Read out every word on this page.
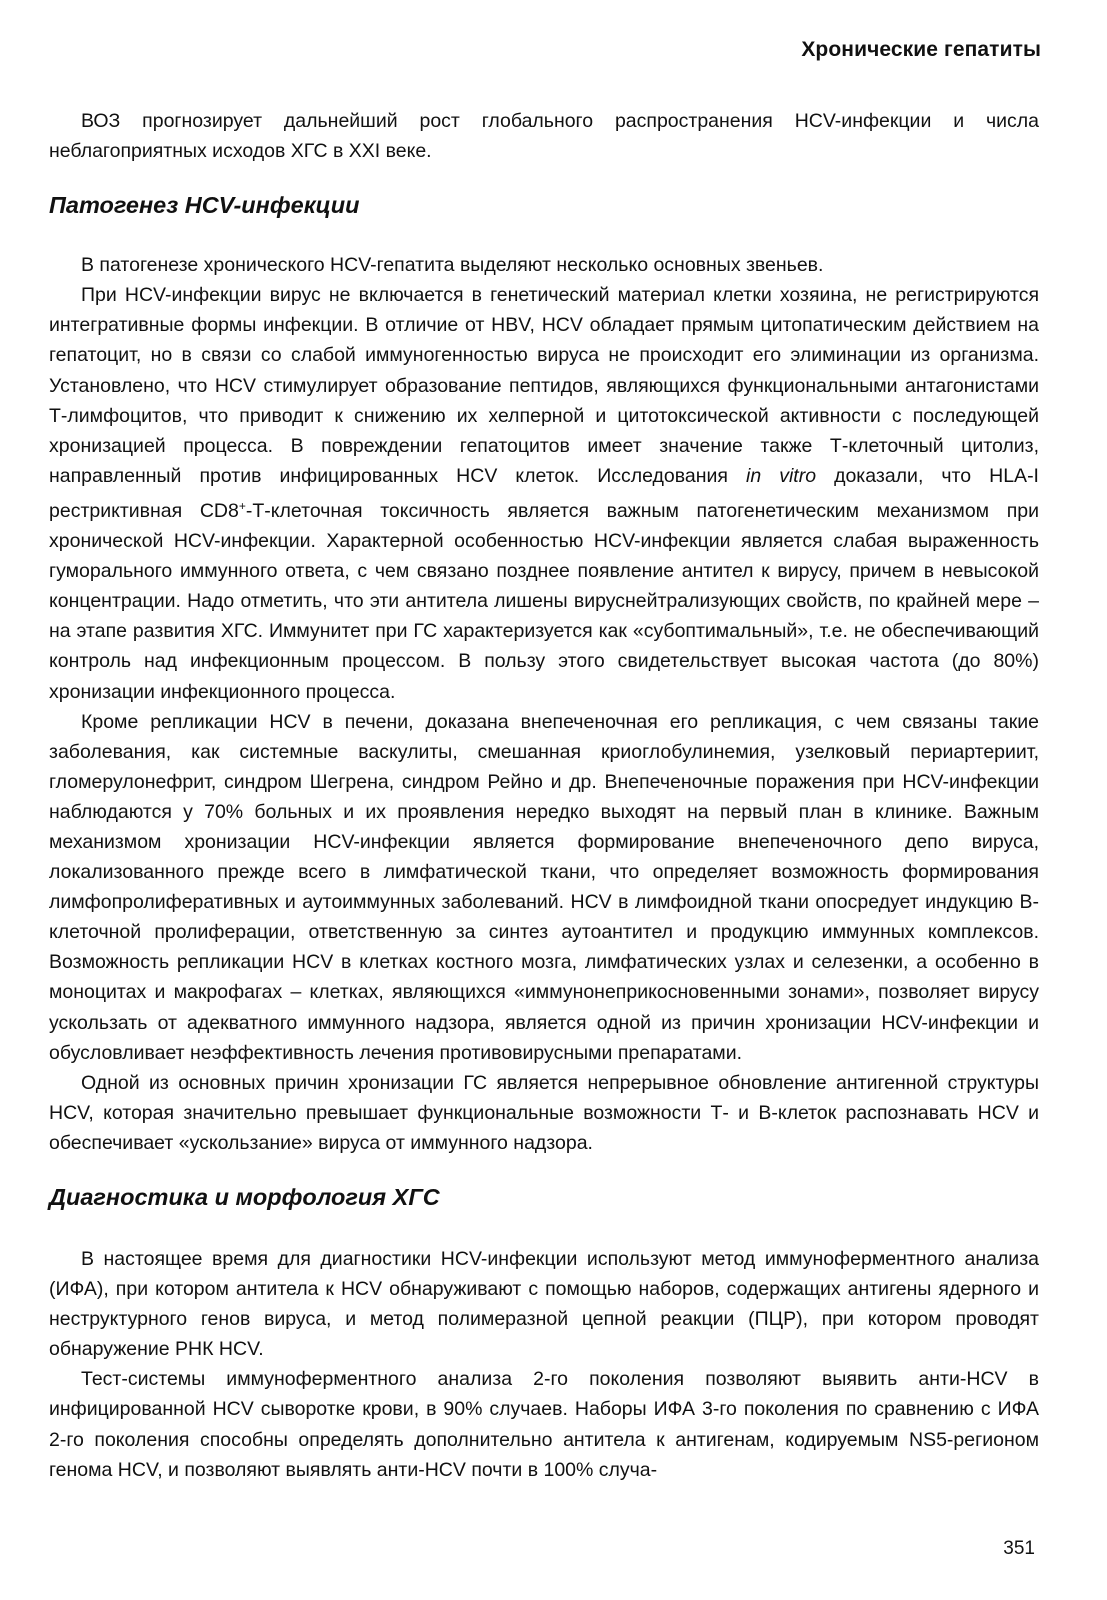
Хронические гепатиты

ВОЗ прогнозирует дальнейший рост глобального распространения HCV-инфекции и числа неблагоприятных исходов ХГС в XXI веке.

Патогенез HCV-инфекции

В патогенезе хронического HCV-гепатита выделяют несколько основных звеньев.

При HCV-инфекции вирус не включается в генетический материал клетки хозяина, не регистрируются интегративные формы инфекции. В отличие от HBV, HCV обладает прямым цитопатическим действием на гепатоцит, но в связи со слабой иммуногенностью вируса не происходит его элиминации из организма. Установлено, что HCV стимулирует образование пептидов, являющихся функциональными антагонистами Т-лимфоцитов, что приводит к снижению их хелперной и цитотоксической активности с последующей хронизацией процесса. В повреждении гепатоцитов имеет значение также Т-клеточный цитолиз, направленный против инфицированных HCV клеток. Исследования in vitro доказали, что HLA-I рестриктивная CD8+-Т-клеточная токсичность является важным патогенетическим механизмом при хронической HCV-инфекции. Характерной особенностью HCV-инфекции является слабая выраженность гуморального иммунного ответа, с чем связано позднее появление антител к вирусу, причем в невысокой концентрации. Надо отметить, что эти антитела лишены вируснейтрализующих свойств, по крайней мере – на этапе развития ХГС. Иммунитет при ГС характеризуется как «субоптимальный», т.е. не обеспечивающий контроль над инфекционным процессом. В пользу этого свидетельствует высокая частота (до 80%) хронизации инфекционного процесса.

Кроме репликации HCV в печени, доказана внепеченочная его репликация, с чем связаны такие заболевания, как системные васкулиты, смешанная криоглобулинемия, узелковый периартериит, гломерулонефрит, синдром Шегрена, синдром Рейно и др. Внепеченочные поражения при HCV-инфекции наблюдаются у 70% больных и их проявления нередко выходят на первый план в клинике. Важным механизмом хронизации HCV-инфекции является формирование внепеченочного депо вируса, локализованного прежде всего в лимфатической ткани, что определяет возможность формирования лимфопролиферативных и аутоиммунных заболеваний. HCV в лимфоидной ткани опосредует индукцию В-клеточной пролиферации, ответственную за синтез аутоантител и продукцию иммунных комплексов. Возможность репликации HCV в клетках костного мозга, лимфатических узлах и селезенки, а особенно в моноцитах и макрофагах – клетках, являющихся «иммунонеприкосновенными зонами», позволяет вирусу ускользать от адекватного иммунного надзора, является одной из причин хронизации HCV-инфекции и обусловливает неэффективность лечения противовирусными препаратами.

Одной из основных причин хронизации ГС является непрерывное обновление антигенной структуры HCV, которая значительно превышает функциональные возможности Т- и В-клеток распознавать HCV и обеспечивает «ускользание» вируса от иммунного надзора.

Диагностика и морфология ХГС

В настоящее время для диагностики HCV-инфекции используют метод иммуноферментного анализа (ИФА), при котором антитела к HCV обнаруживают с помощью наборов, содержащих антигены ядерного и неструктурного генов вируса, и метод полимеразной цепной реакции (ПЦР), при котором проводят обнаружение РНК HCV.

Тест-системы иммуноферментного анализа 2-го поколения позволяют выявить анти-HCV в инфицированной HCV сыворотке крови, в 90% случаев. Наборы ИФА 3-го поколения по сравнению с ИФА 2-го поколения способны определять дополнительно антитела к антигенам, кодируемым NS5-регионом генома HCV, и позволяют выявлять анти-HCV почти в 100% случа-

351
